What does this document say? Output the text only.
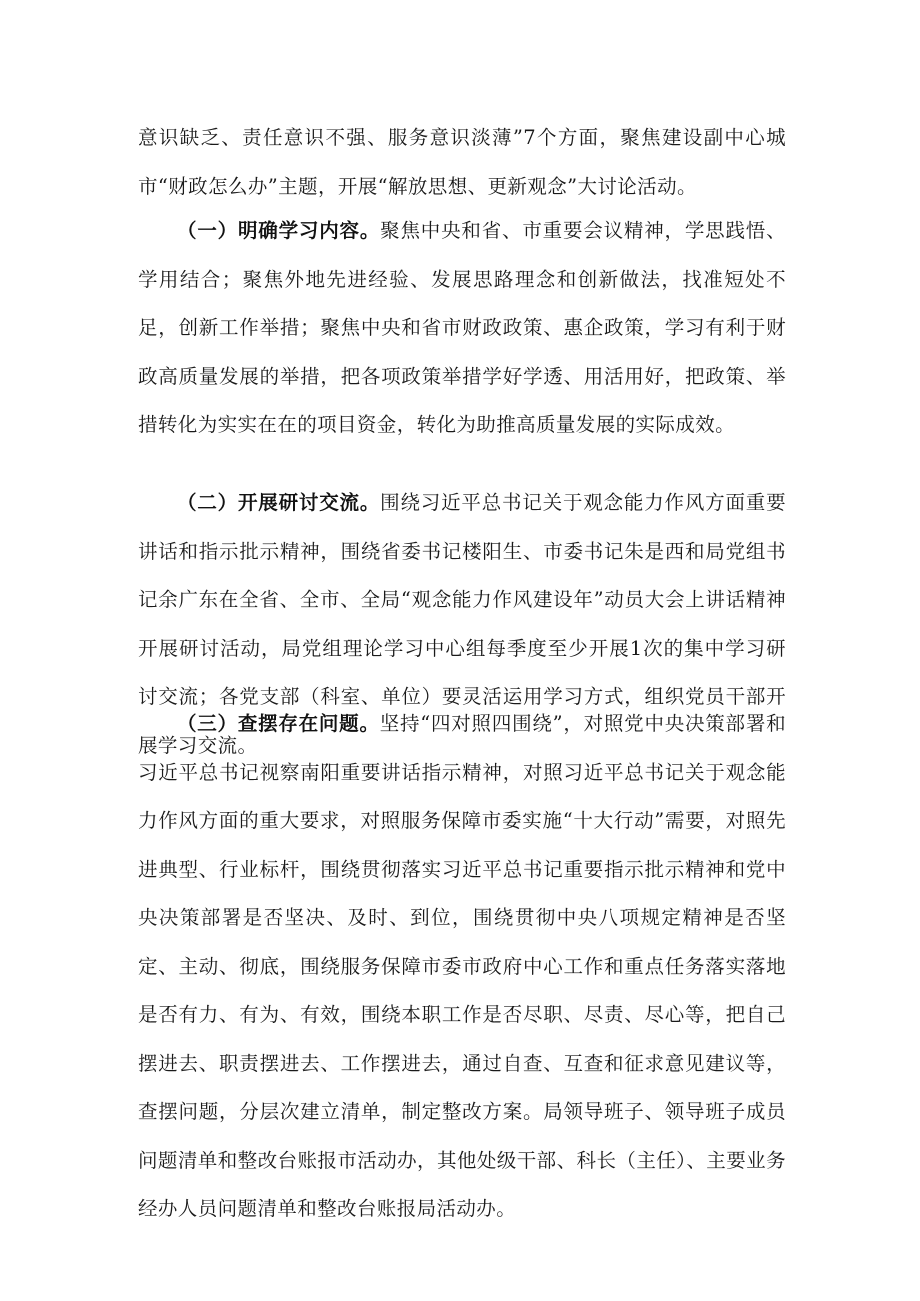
意识缺乏、责任意识不强、服务意识淡薄”7个方面，聚焦建设副中心城市“财政怎么办”主题，开展“解放思想、更新观念”大讨论活动。

（一）明确学习内容。聚焦中央和省、市重要会议精神，学思践悟、学用结合；聚焦外地先进经验、发展思路理念和创新做法，找准短处不足，创新工作举措；聚焦中央和省市财政政策、惠企政策，学习有利于财政高质量发展的举措，把各项政策举措学好学透、用活用好，把政策、举措转化为实实在在的项目资金，转化为助推高质量发展的实际成效。

（二）开展研讨交流。围绕习近平总书记关于观念能力作风方面重要讲话和指示批示精神，围绕省委书记楼阳生、市委书记朱是西和局党组书记余广东在全省、全市、全局“观念能力作风建设年”动员大会上讲话精神开展研讨活动，局党组理论学习中心组每季度至少开展1次的集中学习研讨交流；各党支部（科室、单位）要灵活运用学习方式，组织党员干部开展学习交流。

（三）查摆存在问题。坚持“四对照四围绕”，对照党中央决策部署和习近平总书记视察南阳重要讲话指示精神，对照习近平总书记关于观念能力作风方面的重大要求，对照服务保障市委实施“十大行动”需要，对照先进典型、行业标杆，围绕贯彻落实习近平总书记重要指示批示精神和党中央决策部署是否坚决、及时、到位，围绕贯彻中央八项规定精神是否坚定、主动、彻底，围绕服务保障市委市政府中心工作和重点任务落实落地是否有力、有为、有效，围绕本职工作是否尽职、尽责、尽心等，把自己摆进去、职责摆进去、工作摆进去，通过自查、互查和征求意见建议等，查摆问题，分层次建立清单，制定整改方案。局领导班子、领导班子成员问题清单和整改台账报市活动办，其他处级干部、科长（主任）、主要业务经办人员问题清单和整改台账报局活动办。
